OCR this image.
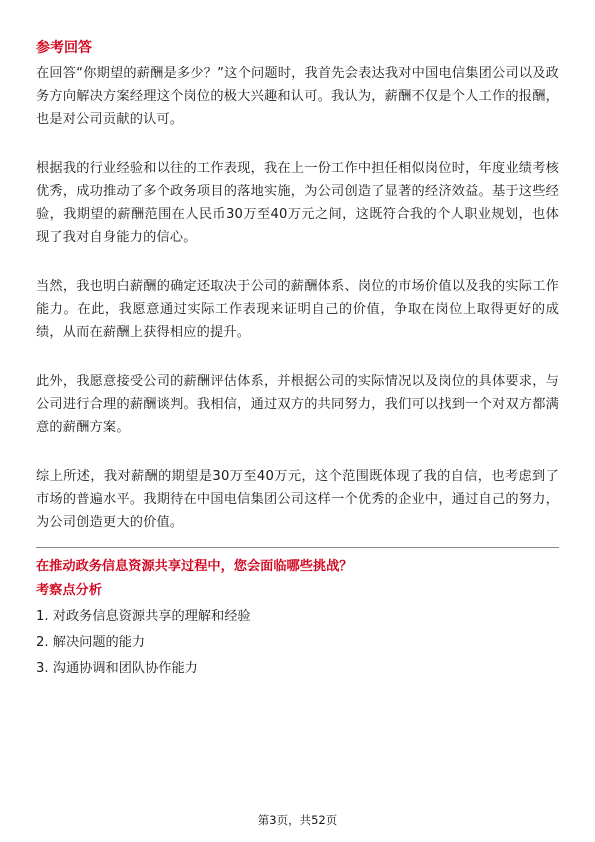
参考回答

在回答“你期望的薪酬是多少？”这个问题时，我首先会表达我对中国电信集团公司以及政务方向解决方案经理这个岗位的极大兴趣和认可。我认为，薪酬不仅是个人工作的报酬，也是对公司贡献的认可。

根据我的行业经验和以往的工作表现，我在上一份工作中担任相似岗位时，年度业绩考核优秀，成功推动了多个政务项目的落地实施，为公司创造了显著的经济效益。基于这些经验，我期望的薪酬范围在人民币30万至40万元之间，这既符合我的个人职业规划，也体现了我对自身能力的信心。

当然，我也明白薪酬的确定还取决于公司的薪酬体系、岗位的市场价值以及我的实际工作能力。在此，我愿意通过实际工作表现来证明自己的价值，争取在岗位上取得更好的成绩，从而在薪酬上获得相应的提升。

此外，我愿意接受公司的薪酬评估体系，并根据公司的实际情况以及岗位的具体要求，与公司进行合理的薪酬谈判。我相信，通过双方的共同努力，我们可以找到一个对双方都满意的薪酬方案。

综上所述，我对薪酬的期望是30万至40万元，这个范围既体现了我的自信，也考虑到了市场的普遍水平。我期待在中国电信集团公司这样一个优秀的企业中，通过自己的努力，为公司创造更大的价值。

在推动政务信息资源共享过程中，您会面临哪些挑战？

考察点分析

1. 对政务信息资源共享的理解和经验
2. 解决问题的能力
3. 沟通协调和团队协作能力
第3页，共52页
